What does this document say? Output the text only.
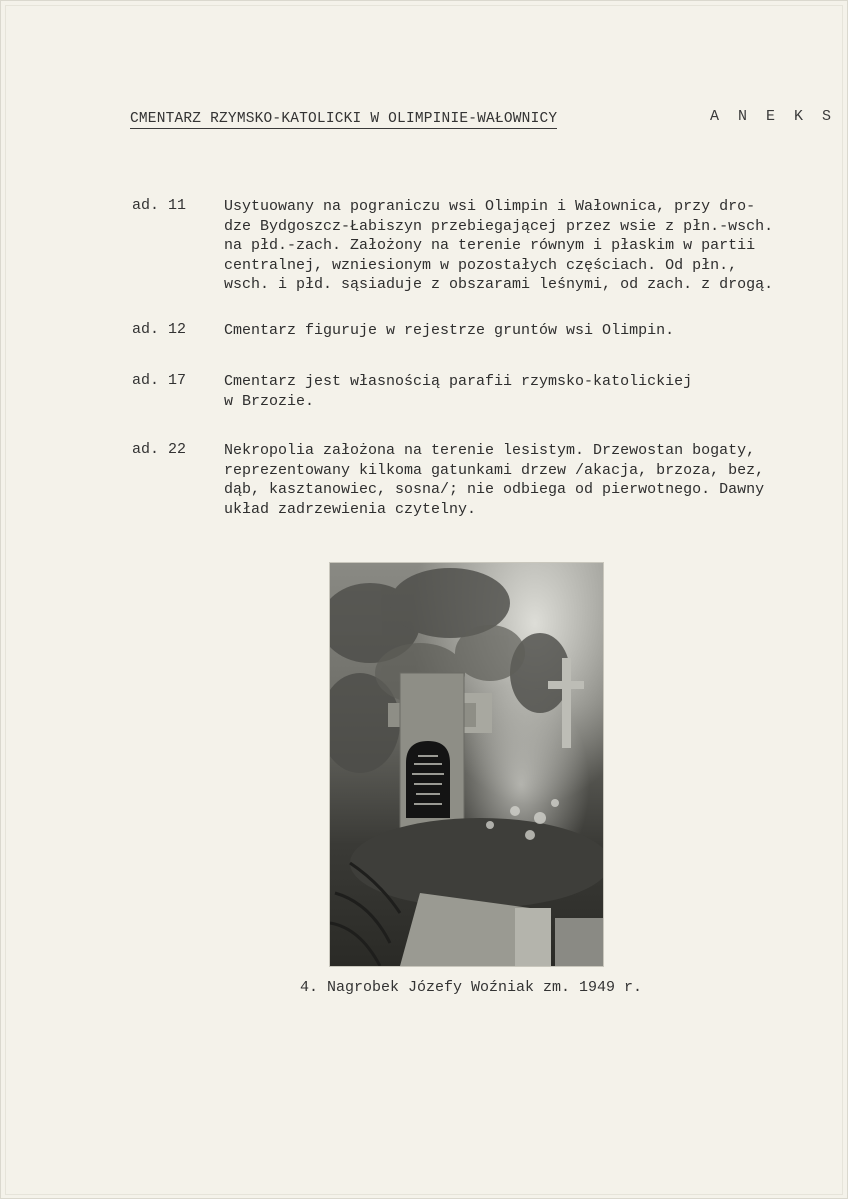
CMENTARZ RZYMSKO-KATOLICKI W OLIMPINIE-WAŁOWNICY	A N E K S
ad. 11	Usytuowany na pograniczu wsi Olimpin i Wałownica, przy dro-
dze Bydgoszcz-Łabiszyn przebiegającej przez wsie z płn.-wsch.
na płd.-zach. Założony na terenie równym i płaskim w partii
centralnej, wzniesionym w pozostałych częściach. Od płn.,
wsch. i płd. sąsiaduje z obszarami leśnymi, od zach. z drogą.
ad. 12	Cmentarz figuruje w rejestrze gruntów wsi Olimpin.
ad. 17	Cmentarz jest własnością parafii rzymsko-katolickiej
w Brzozie.
ad. 22	Nekropolia założona na terenie lesistym. Drzewostan bogaty,
reprezentowany kilkoma gatunkami drzew /akacja, brzoza, bez,
dąb, kasztanowiec, sosna/; nie odbiega od pierwotnego. Dawny
układ zadrzewienia czytelny.
4. Nagrobek Józefy Woźniak zm. 1949 r.
